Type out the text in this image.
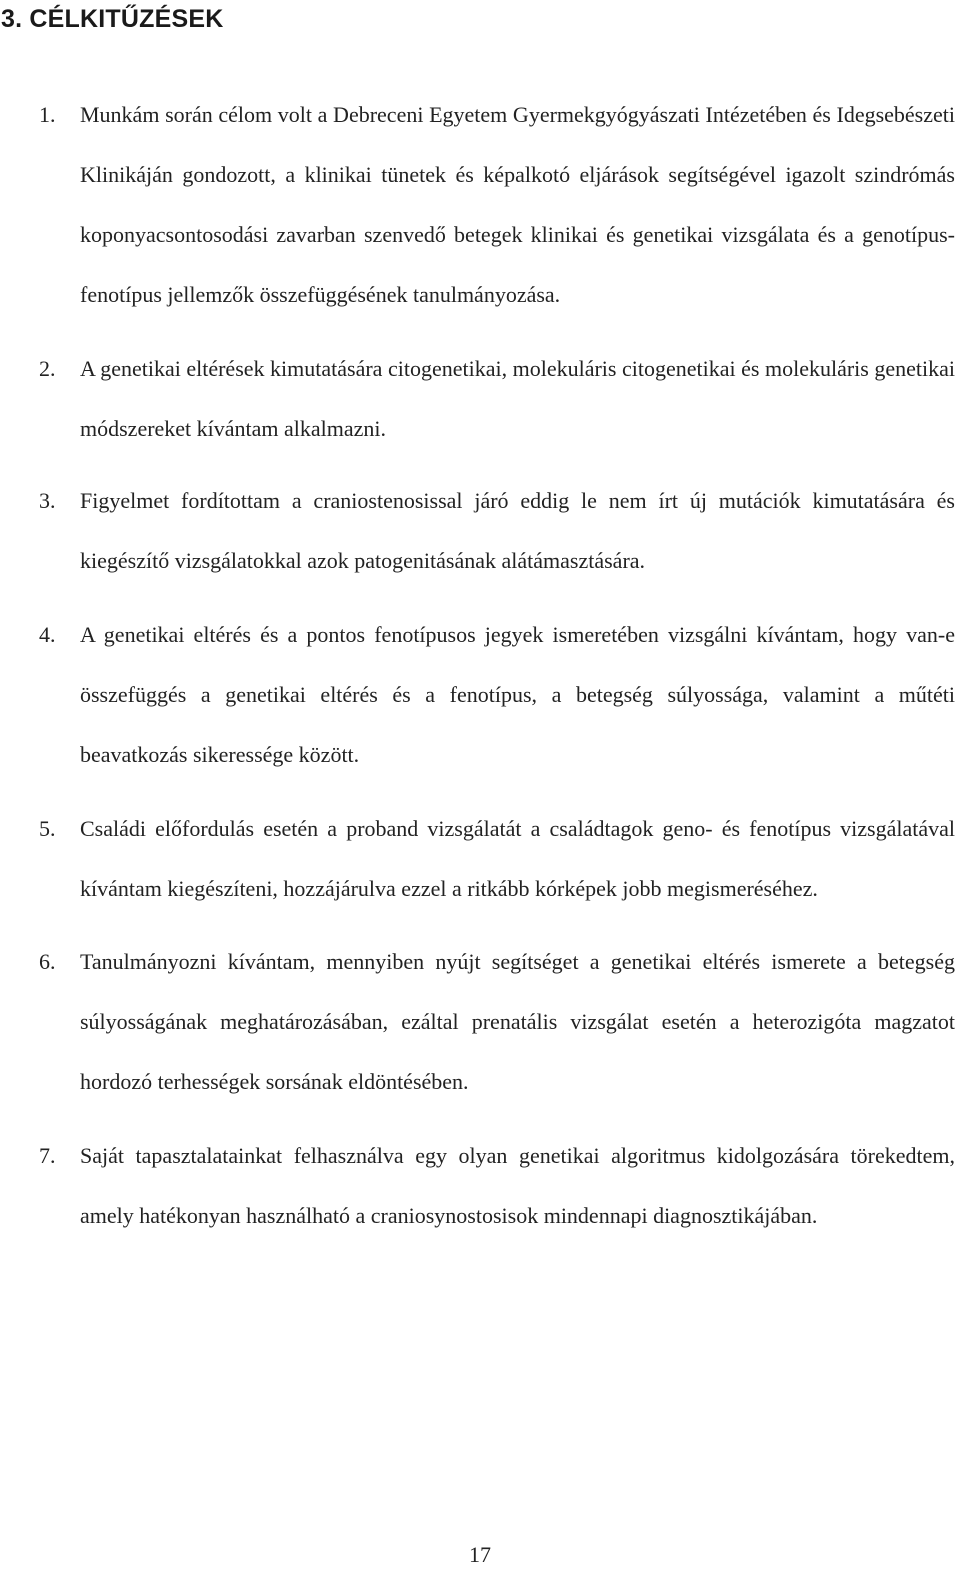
3. CÉLKITŰZÉSEK
1. Munkám során célom volt a Debreceni Egyetem Gyermekgyógyászati Intézetében és Idegsebészeti Klinikáján gondozott, a klinikai tünetek és képalkotó eljárások segítségével igazolt szindrómás koponyacsontosodási zavarban szenvedő betegek klinikai és genetikai vizsgálata és a genotípus-fenotípus jellemzők összefüggésének tanulmányozása.
2. A genetikai eltérések kimutatására citogenetikai, molekuláris citogenetikai és molekuláris genetikai módszereket kívántam alkalmazni.
3. Figyelmet fordítottam a craniostenosissal járó eddig le nem írt új mutációk kimutatására és kiegészítő vizsgálatokkal azok patogenitásának alátámasztására.
4. A genetikai eltérés és a pontos fenotípusos jegyek ismeretében vizsgálni kívántam, hogy van-e összefüggés a genetikai eltérés és a fenotípus, a betegség súlyossága, valamint a műtéti beavatkozás sikeressége között.
5. Családi előfordulás esetén a proband vizsgálatát a családtagok geno- és fenotípus vizsgálatával kívántam kiegészíteni, hozzájárulva ezzel a ritkább kórképek jobb megismeréséhez.
6. Tanulmányozni kívántam, mennyiben nyújt segítséget a genetikai eltérés ismerete a betegség súlyosságának meghatározásában, ezáltal prenatális vizsgálat esetén a heterozigóta magzatot hordozó terhességek sorsának eldöntésében.
7. Saját tapasztalatainkat felhasználva egy olyan genetikai algoritmus kidolgozására törekedtem, amely hatékonyan használható a craniosynostosisok mindennapi diagnosztikájában.

17
